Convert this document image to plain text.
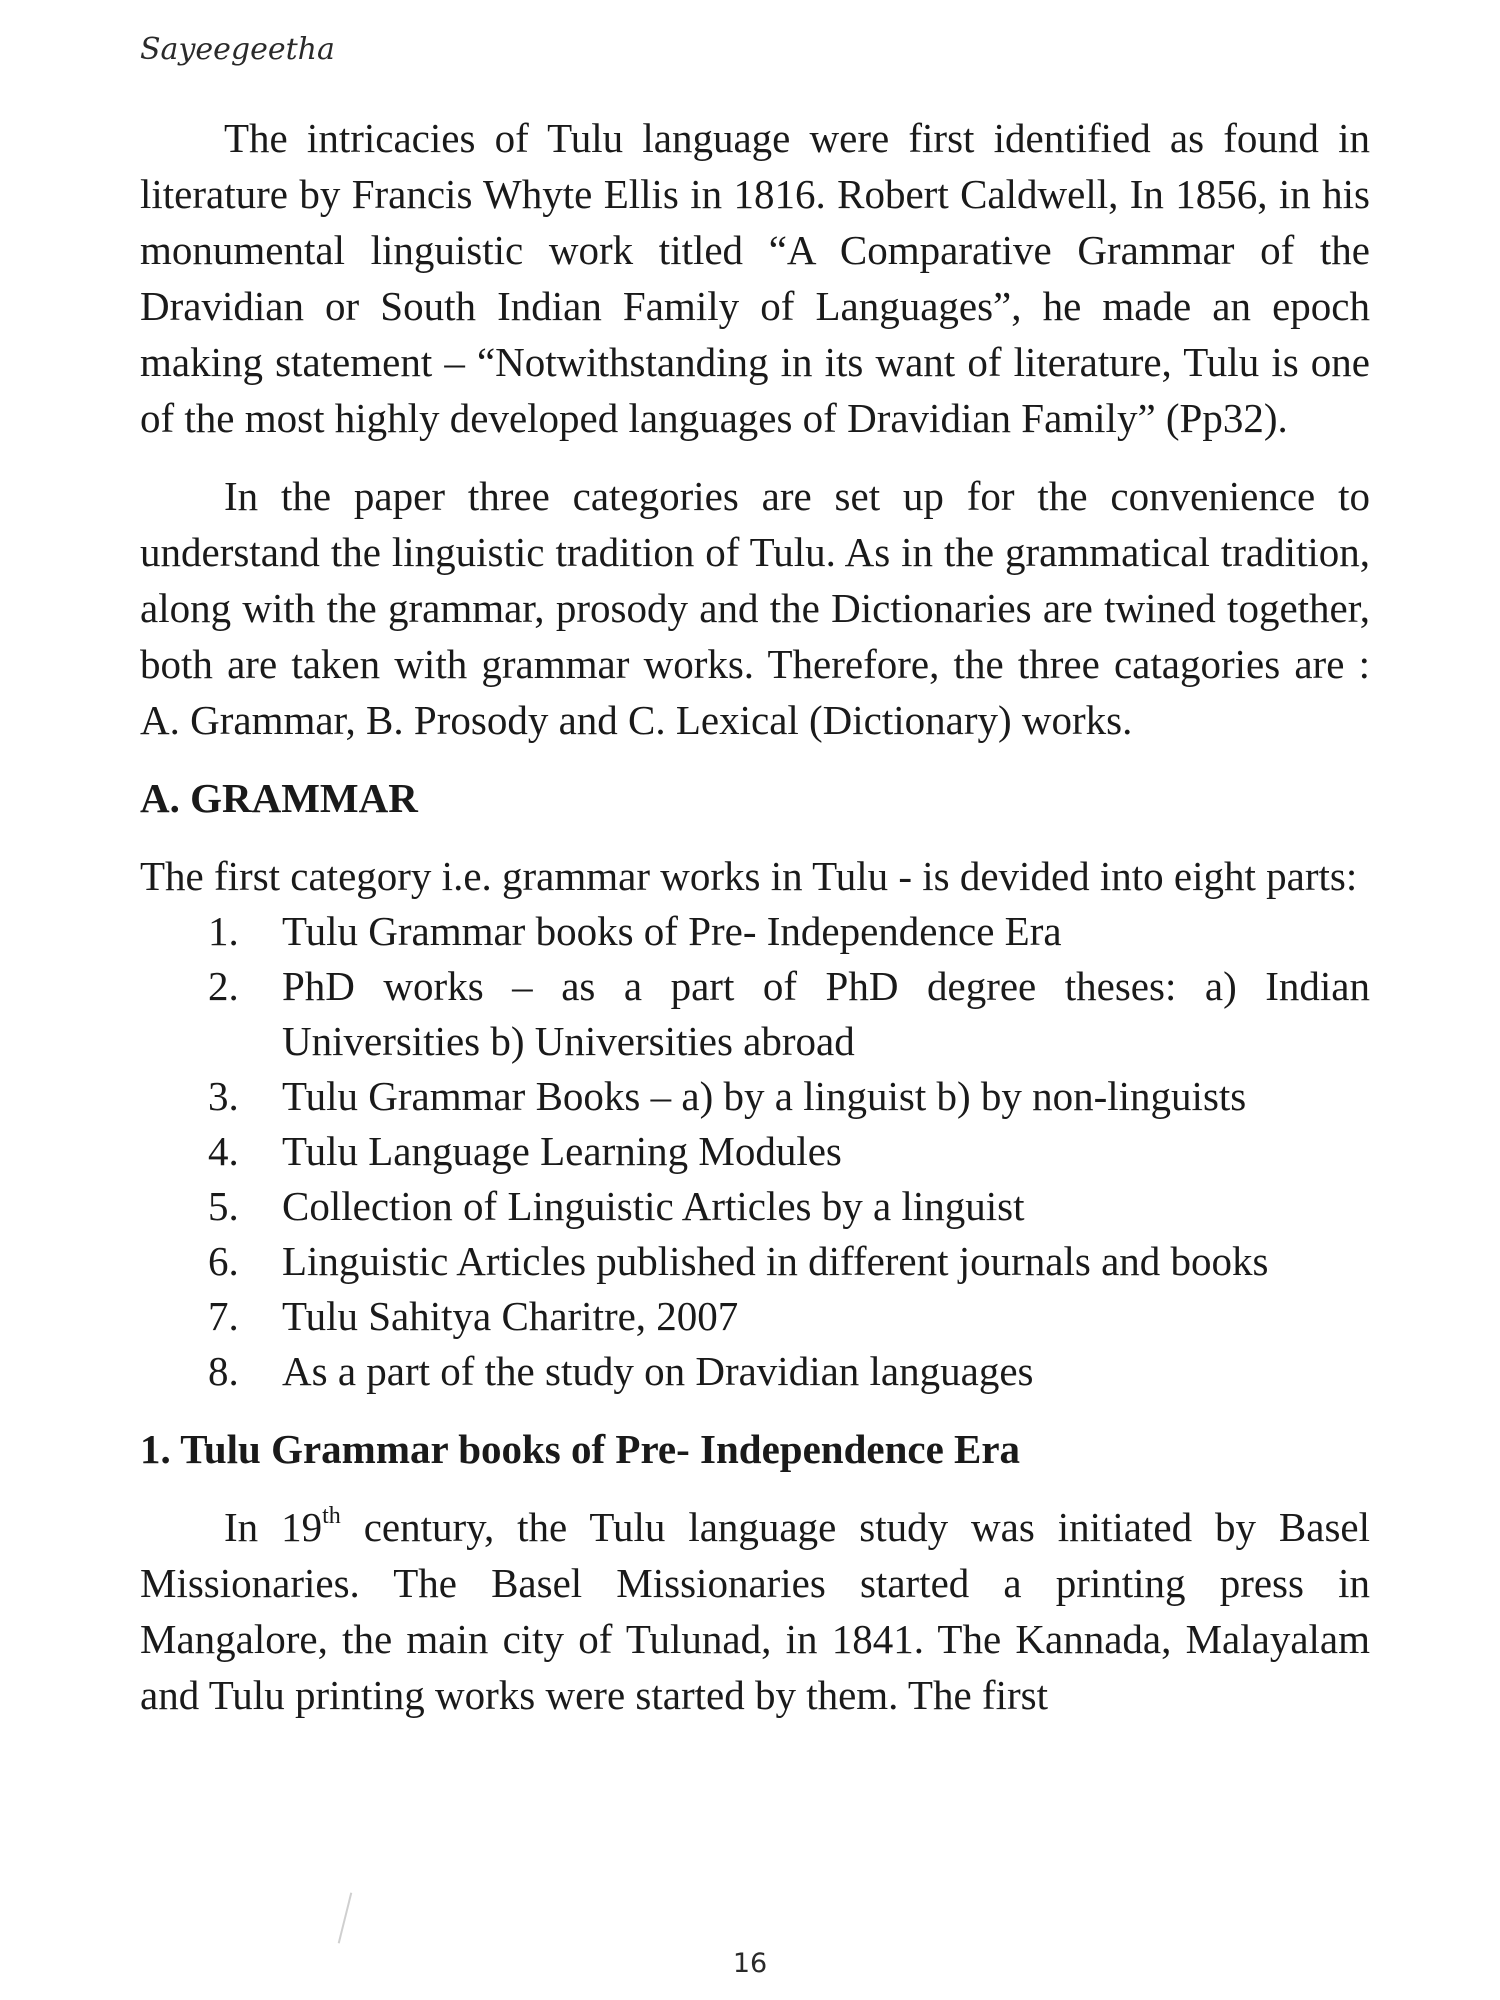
Sayeegeetha

The intricacies of Tulu language were first identified as found in literature by Francis Whyte Ellis in 1816. Robert Caldwell, In 1856, in his monumental linguistic work titled “A Comparative Grammar of the Dravidian or South Indian Family of Languages”, he made an epoch making statement – “Notwithstanding in its want of literature, Tulu is one of the most highly developed languages of Dravidian Family” (Pp32).

In the paper three categories are set up for the convenience to understand the linguistic tradition of Tulu. As in the grammatical tradition, along with the grammar, prosody and the Dictionaries are twined together, both are taken with grammar works. Therefore, the three catagories are : A. Grammar, B. Prosody and C. Lexical (Dictionary) works.

A. GRAMMAR

The first category i.e. grammar works in Tulu - is devided into eight parts:

1.	Tulu Grammar books of Pre- Independence Era
2.	PhD works – as a part of PhD degree theses: a) Indian Universities b) Universities abroad
3.	Tulu Grammar Books – a) by a linguist b) by non-linguists
4.	Tulu Language Learning Modules
5.	Collection of Linguistic Articles by a linguist
6.	Linguistic Articles published in different journals and books
7.	Tulu Sahitya Charitre, 2007
8.	As a part of the study on Dravidian languages
1. Tulu Grammar books of Pre- Independence Era

In 19th century, the Tulu language study was initiated by Basel Missionaries. The Basel Missionaries started a printing press in Mangalore, the main city of Tulunad, in 1841. The Kannada, Malayalam and Tulu printing works were started by them. The first

16
